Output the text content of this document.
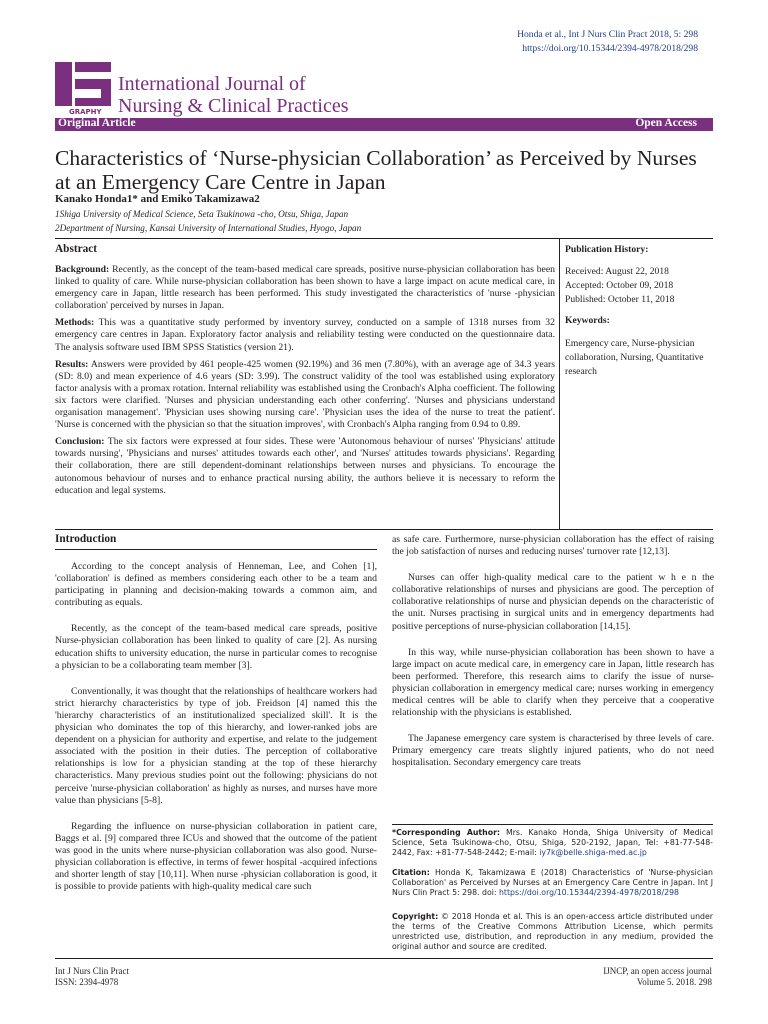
Honda et al., Int J Nurs Clin Pract 2018, 5: 298
https://doi.org/10.15344/2394-4978/2018/298
GRAPHY
International Journal of
Nursing & Clinical Practices
Original Article	Open Access
Characteristics of ‘Nurse-physician Collaboration’ as Perceived by Nurses at an Emergency Care Centre in Japan
Kanako Honda1* and Emiko Takamizawa2
1Shiga University of Medical Science, Seta Tsukinowa -cho, Otsu, Shiga, Japan
2Department of Nursing, Kansai University of International Studies, Hyogo, Japan
Abstract

Background: Recently, as the concept of the team-based medical care spreads, positive nurse-physician collaboration has been linked to quality of care. While nurse-physician collaboration has been shown to have a large impact on acute medical care, in emergency care in Japan, little research has been performed. This study investigated the characteristics of 'nurse -physician collaboration' perceived by nurses in Japan.

Methods: This was a quantitative study performed by inventory survey, conducted on a sample of 1318 nurses from 32 emergency care centres in Japan. Exploratory factor analysis and reliability testing were conducted on the questionnaire data. The analysis software used IBM SPSS Statistics (version 21).

Results: Answers were provided by 461 people-425 women (92.19%) and 36 men (7.80%), with an average age of 34.3 years (SD: 8.0) and mean experience of 4.6 years (SD: 3.99). The construct validity of the tool was established using exploratory factor analysis with a promax rotation. Internal reliability was established using the Cronbach's Alpha coefficient. The following six factors were clarified. 'Nurses and physician understanding each other conferring'. 'Nurses and physicians understand organisation management'. 'Physician uses showing nursing care'. 'Physician uses the idea of the nurse to treat the patient'. 'Nurse is concerned with the physician so that the situation improves', with Cronbach's Alpha ranging from 0.94 to 0.89.

Conclusion: The six factors were expressed at four sides. These were 'Autonomous behaviour of nurses' 'Physicians' attitude towards nursing', 'Physicians and nurses' attitudes towards each other', and 'Nurses' attitudes towards physicians'. Regarding their collaboration, there are still dependent-dominant relationships between nurses and physicians. To encourage the autonomous behaviour of nurses and to enhance practical nursing ability, the authors believe it is necessary to reform the education and legal systems.

Publication History:
Received: August 22, 2018
Accepted: October 09, 2018
Published: October 11, 2018
Keywords:
Emergency care, Nurse-physician collaboration, Nursing, Quantitative research
Introduction

According to the concept analysis of Henneman, Lee, and Cohen [1], 'collaboration' is defined as members considering each other to be a team and participating in planning and decision-making towards a common aim, and contributing as equals.

Recently, as the concept of the team-based medical care spreads, positive Nurse-physician collaboration has been linked to quality of care [2]. As nursing education shifts to university education, the nurse in particular comes to recognise a physician to be a collaborating team member [3].

Conventionally, it was thought that the relationships of healthcare workers had strict hierarchy characteristics by type of job. Freidson [4] named this the 'hierarchy characteristics of an institutionalized specialized skill'. It is the physician who dominates the top of this hierarchy, and lower-ranked jobs are dependent on a physician for authority and expertise, and relate to the judgement associated with the position in their duties. The perception of collaborative relationships is low for a physician standing at the top of these hierarchy characteristics. Many previous studies point out the following: physicians do not perceive 'nurse-physician collaboration' as highly as nurses, and nurses have more value than physicians [5-8].

Regarding the influence on nurse-physician collaboration in patient care, Baggs et al. [9] compared three ICUs and showed that the outcome of the patient was good in the units where nurse-physician collaboration was also good. Nurse-physician collaboration is effective, in terms of fewer hospital -acquired infections and shorter length of stay [10,11]. When nurse -physician collaboration is good, it is possible to provide patients with high-quality medical care such

as safe care. Furthermore, nurse-physician collaboration has the effect of raising the job satisfaction of nurses and reducing nurses' turnover rate [12,13].

Nurses can offer high-quality medical care to the patient w h e n the collaborative relationships of nurses and physicians are good. The perception of collaborative relationships of nurse and physician depends on the characteristic of the unit. Nurses practising in surgical units and in emergency departments had positive perceptions of nurse-physician collaboration [14,15].

In this way, while nurse-physician collaboration has been shown to have a large impact on acute medical care, in emergency care in Japan, little research has been performed. Therefore, this research aims to clarify the issue of nurse-physician collaboration in emergency medical care; nurses working in emergency medical centres will be able to clarify when they perceive that a cooperative relationship with the physicians is established.

The Japanese emergency care system is characterised by three levels of care. Primary emergency care treats slightly injured patients, who do not need hospitalisation. Secondary emergency care treats

*Corresponding Author: Mrs. Kanako Honda, Shiga University of Medical Science, Seta Tsukinowa-cho, Otsu, Shiga, 520-2192, Japan, Tel: +81-77-548-2442, Fax: +81-77-548-2442; E-mail: iy7k@belle.shiga-med.ac.jp
Citation: Honda K, Takamizawa E (2018) Characteristics of 'Nurse-physician Collaboration' as Perceived by Nurses at an Emergency Care Centre in Japan. Int J Nurs Clin Pract 5: 298. doi: https://doi.org/10.15344/2394-4978/2018/298
Copyright: © 2018 Honda et al. This is an open-access article distributed under the terms of the Creative Commons Attribution License, which permits unrestricted use, distribution, and reproduction in any medium, provided the original author and source are credited.
Int J Nurs Clin Pract
ISSN: 2394-4978
IJNCP, an open access journal
Volume 5. 2018. 298
